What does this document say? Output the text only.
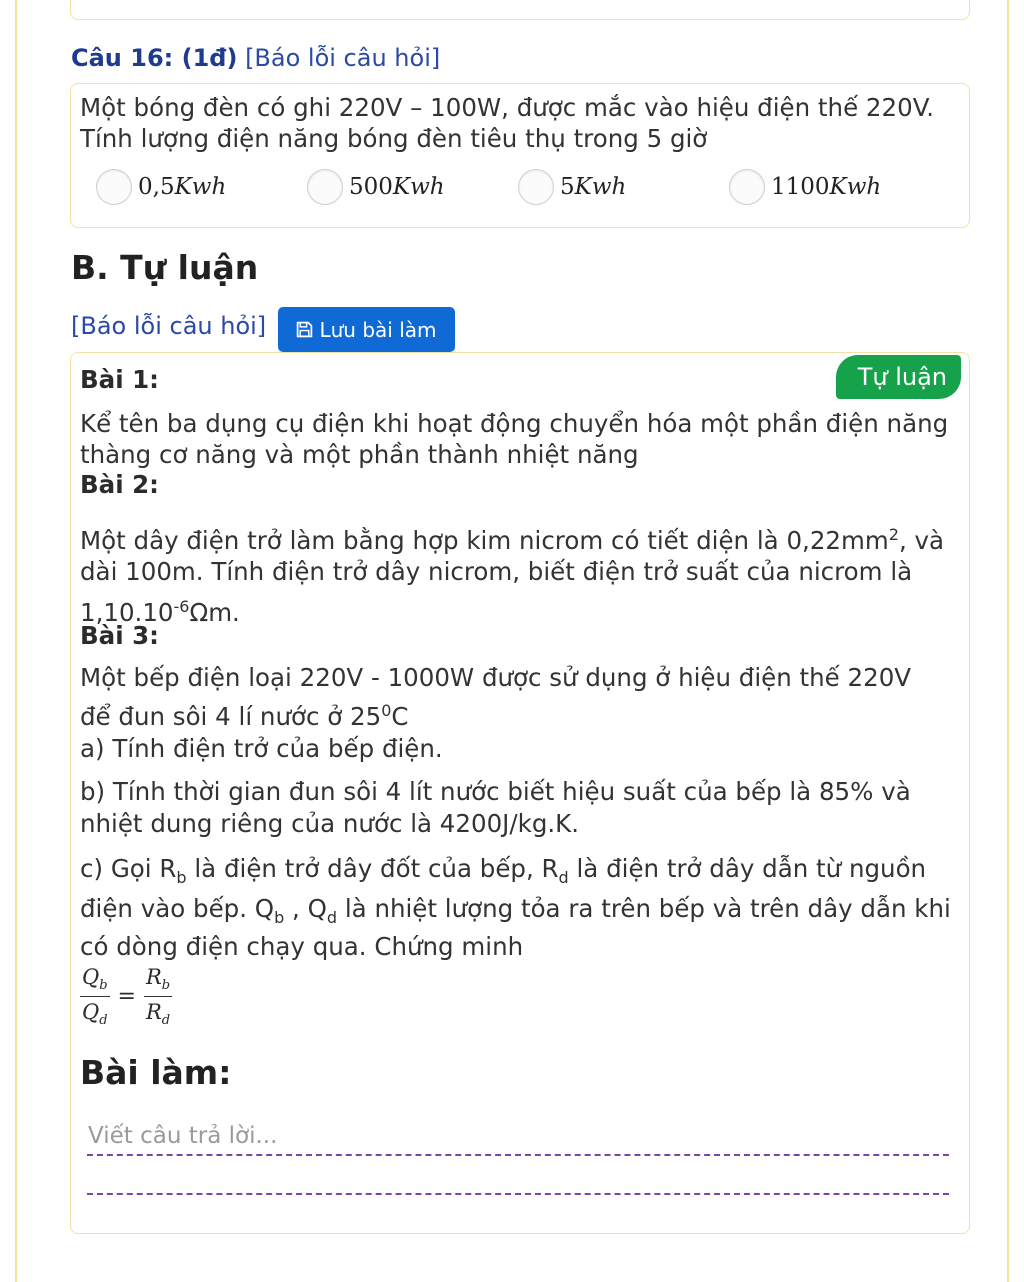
Câu 16: (1đ) [Báo lỗi câu hỏi]
Một bóng đèn có ghi 220V – 100W, được mắc vào hiệu điện thế 220V.
Tính lượng điện năng bóng đèn tiêu thụ trong 5 giờ
0,5Kwh	500Kwh	5Kwh	1100Kwh
B. Tự luận
[Báo lỗi câu hỏi]	Lưu bài làm
Tự luận
Bài 1:
Kể tên ba dụng cụ điện khi hoạt động chuyển hóa một phần điện năng
thàng cơ năng và một phần thành nhiệt năng
Bài 2:
Một dây điện trở làm bằng hợp kim nicrom có tiết diện là $0,22mm^2$, và
dài 100m. Tính điện trở dây nicrom, biết điện trở suất của nicrom là
$1,10.10^{-6}\Omega m$.
Bài 3:
Một bếp điện loại 220V - 1000W được sử dụng ở hiệu điện thế 220V
để đun sôi 4 lí nước ở $25^0C$
a) Tính điện trở của bếp điện.
b) Tính thời gian đun sôi 4 lít nước biết hiệu suất của bếp là 85% và
nhiệt dung riêng của nước là 4200J/kg.K.
c) Gọi $R_b$ là điện trở dây đốt của bếp, $R_d$ là điện trở dây dẫn từ nguồn
điện vào bếp. $Q_b$ , $Q_d$ là nhiệt lượng tỏa ra trên bếp và trên dây dẫn khi
có dòng điện chạy qua. Chứng minh
$\frac{Q_b}{Q_d} = \frac{R_b}{R_d}$
Bài làm:
Viết câu trả lời...
